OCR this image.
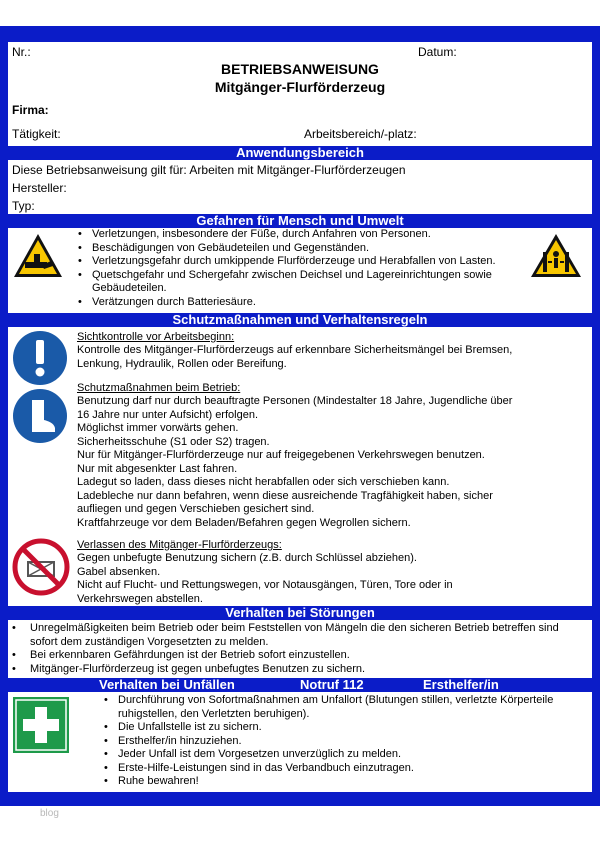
Nr.:	Datum:
BETRIEBSANWEISUNG
Mitgänger-Flurförderzeug
Firma:
Tätigkeit:	Arbeitsbereich/-platz:
Anwendungsbereich
Diese Betriebsanweisung gilt für: Arbeiten mit Mitgänger-Flurförderzeugen
Hersteller:
Typ:
Gefahren für Mensch und Umwelt
• Verletzungen, insbesondere der Füße, durch Anfahren von Personen.
• Beschädigungen von Gebäudeteilen und Gegenständen.
• Verletzungsgefahr durch umkippende Flurförderzeuge und Herabfallen von Lasten.
• Quetschgefahr und Schergefahr zwischen Deichsel und Lagereinrichtungen sowie Gebäudeteilen.
• Verätzungen durch Batteriesäure.
Schutzmaßnahmen und Verhaltensregeln
Sichtkontrolle vor Arbeitsbeginn:
Kontrolle des Mitgänger-Flurförderzeugs auf erkennbare Sicherheitsmängel bei Bremsen, Lenkung, Hydraulik, Rollen oder Bereifung.
Schutzmaßnahmen beim Betrieb:
Benutzung darf nur durch beauftragte Personen (Mindestalter 18 Jahre, Jugendliche über 16 Jahre nur unter Aufsicht) erfolgen.
Möglichst immer vorwärts gehen.
Sicherheitsschuhe (S1 oder S2) tragen.
Nur für Mitgänger-Flurförderzeuge nur auf freigegebenen Verkehrswegen benutzen.
Nur mit abgesenkter Last fahren.
Ladegut so laden, dass dieses nicht herabfallen oder sich verschieben kann.
Ladebleche nur dann befahren, wenn diese ausreichende Tragfähigkeit haben, sicher aufliegen und gegen Verschieben gesichert sind.
Kraftfahrzeuge vor dem Beladen/Befahren gegen Wegrollen sichern.
Verlassen des Mitgänger-Flurförderzeugs:
Gegen unbefugte Benutzung sichern (z.B. durch Schlüssel abziehen).
Gabel absenken.
Nicht auf Flucht- und Rettungswegen, vor Notausgängen, Türen, Tore oder in Verkehrswegen abstellen.
Verhalten bei Störungen
• Unregelmäßigkeiten beim Betrieb oder beim Feststellen von Mängeln die den sicheren Betrieb betreffen sind sofort dem zuständigen Vorgesetzten zu melden.
• Bei erkennbaren Gefährdungen ist der Betrieb sofort einzustellen.
• Mitgänger-Flurförderzeug ist gegen unbefugtes Benutzen zu sichern.
Verhalten bei Unfällen	Notruf 112	Ersthelfer/in
• Durchführung von Sofortmaßnahmen am Unfallort (Blutungen stillen, verletzte Körperteile ruhigstellen, den Verletzten beruhigen).
• Die Unfallstelle ist zu sichern.
• Ersthelfer/in hinzuziehen.
• Jeder Unfall ist dem Vorgesetzen unverzüglich zu melden.
• Erste-Hilfe-Leistungen sind in das Verbandbuch einzutragen.
• Ruhe bewahren!
blog
